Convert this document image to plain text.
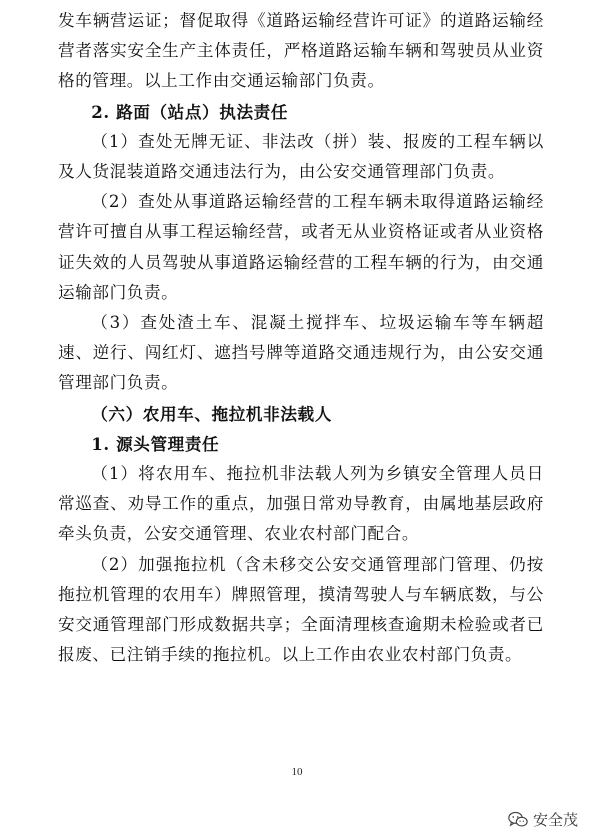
发车辆营运证；督促取得《道路运输经营许可证》的道路运输经营者落实安全生产主体责任，严格道路运输车辆和驾驶员从业资格的管理。以上工作由交通运输部门负责。

2. 路面（站点）执法责任

（1）查处无牌无证、非法改（拼）装、报废的工程车辆以及人货混装道路交通违法行为，由公安交通管理部门负责。

（2）查处从事道路运输经营的工程车辆未取得道路运输经营许可擅自从事工程运输经营，或者无从业资格证或者从业资格证失效的人员驾驶从事道路运输经营的工程车辆的行为，由交通运输部门负责。

（3）查处渣土车、混凝土搅拌车、垃圾运输车等车辆超速、逆行、闯红灯、遮挡号牌等道路交通违规行为，由公安交通管理部门负责。

（六）农用车、拖拉机非法载人

1. 源头管理责任

（1）将农用车、拖拉机非法载人列为乡镇安全管理人员日常巡查、劝导工作的重点，加强日常劝导教育，由属地基层政府牵头负责，公安交通管理、农业农村部门配合。

（2）加强拖拉机（含未移交公安交通管理部门管理、仍按拖拉机管理的农用车）牌照管理，摸清驾驶人与车辆底数，与公安交通管理部门形成数据共享；全面清理核查逾期未检验或者已报废、已注销手续的拖拉机。以上工作由农业农村部门负责。

10
安全茂
